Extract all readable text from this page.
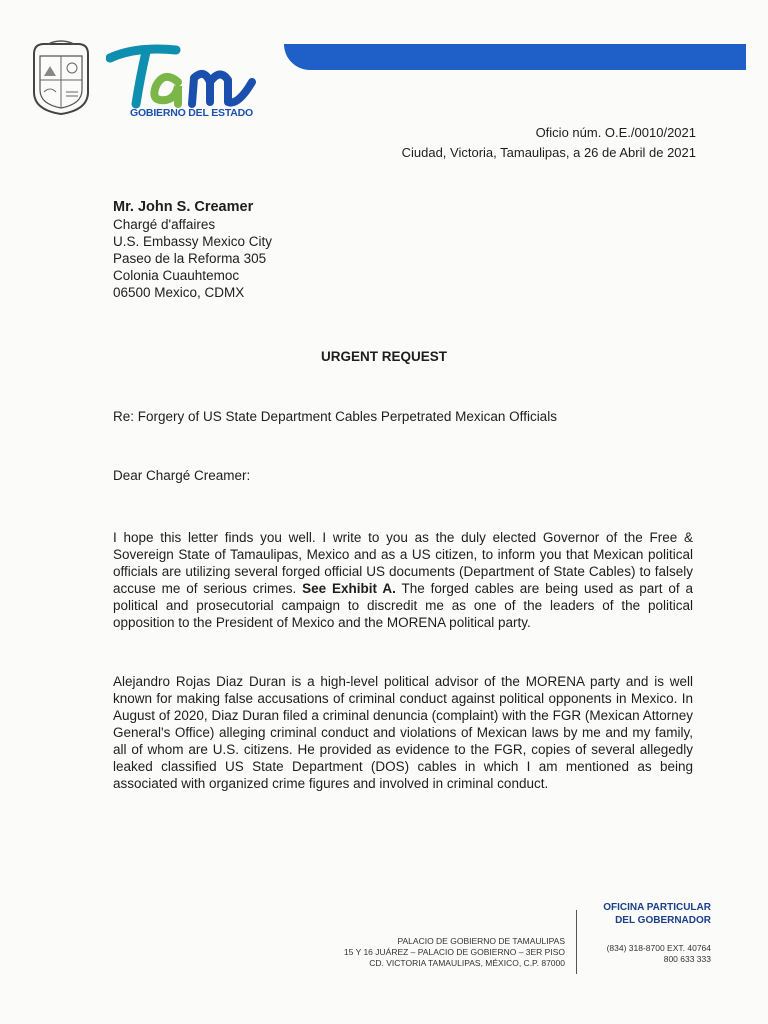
GOBIERNO DEL ESTADO
Oficio núm. O.E./0010/2021
Ciudad, Victoria, Tamaulipas, a 26 de Abril de 2021
Mr. John S. Creamer
Chargé d'affaires
U.S. Embassy Mexico City
Paseo de la Reforma 305
Colonia Cuauhtemoc
06500 Mexico, CDMX
URGENT REQUEST
Re: Forgery of US State Department Cables Perpetrated Mexican Officials
Dear Chargé Creamer:
I hope this letter finds you well. I write to you as the duly elected Governor of the Free & Sovereign State of Tamaulipas, Mexico and as a US citizen, to inform you that Mexican political officials are utilizing several forged official US documents (Department of State Cables) to falsely accuse me of serious crimes. See Exhibit A. The forged cables are being used as part of a political and prosecutorial campaign to discredit me as one of the leaders of the political opposition to the President of Mexico and the MORENA political party.
Alejandro Rojas Diaz Duran is a high-level political advisor of the MORENA party and is well known for making false accusations of criminal conduct against political opponents in Mexico. In August of 2020, Diaz Duran filed a criminal denuncia (complaint) with the FGR (Mexican Attorney General's Office) alleging criminal conduct and violations of Mexican laws by me and my family, all of whom are U.S. citizens. He provided as evidence to the FGR, copies of several allegedly leaked classified US State Department (DOS) cables in which I am mentioned as being associated with organized crime figures and involved in criminal conduct.
PALACIO DE GOBIERNO DE TAMAULIPAS
15 Y 16 JUÁREZ – PALACIO DE GOBIERNO – 3ER PISO
CD. VICTORIA TAMAULIPAS, MÉXICO, C.P. 87000
OFICINA PARTICULAR
DEL GOBERNADOR
(834) 318-8700 EXT. 40764
800 633 333
